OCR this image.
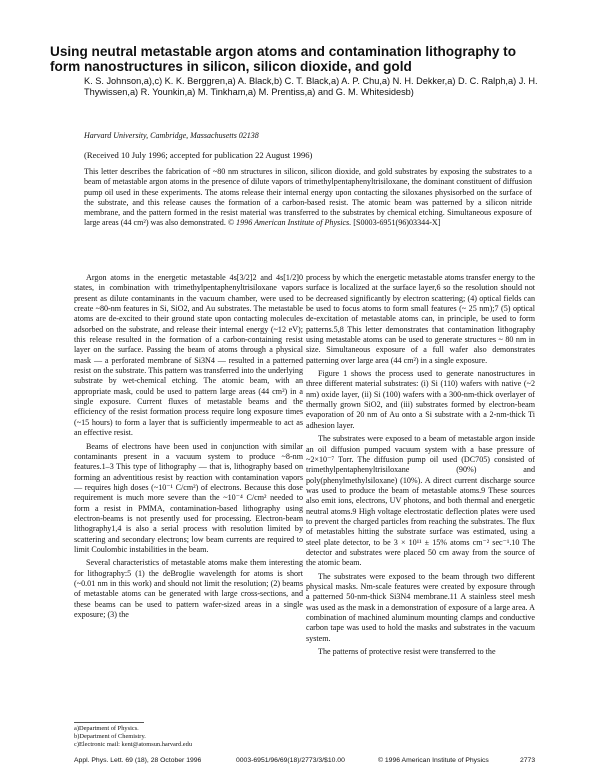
Using neutral metastable argon atoms and contamination lithography to form nanostructures in silicon, silicon dioxide, and gold
K. S. Johnson,a),c) K. K. Berggren,a) A. Black,b) C. T. Black,a) A. P. Chu,a) N. H. Dekker,a) D. C. Ralph,a) J. H. Thywissen,a) R. Younkin,a) M. Tinkham,a) M. Prentiss,a) and G. M. Whitesidesb)
Harvard University, Cambridge, Massachusetts 02138
(Received 10 July 1996; accepted for publication 22 August 1996)
This letter describes the fabrication of ~80 nm structures in silicon, silicon dioxide, and gold substrates by exposing the substrates to a beam of metastable argon atoms in the presence of dilute vapors of trimethylpentaphenyltrisiloxane, the dominant constituent of diffusion pump oil used in these experiments. The atoms release their internal energy upon contacting the siloxanes physisorbed on the surface of the substrate, and this release causes the formation of a carbon-based resist. The atomic beam was patterned by a silicon nitride membrane, and the pattern formed in the resist material was transferred to the substrates by chemical etching. Simultaneous exposure of large areas (44 cm²) was also demonstrated. © 1996 American Institute of Physics. [S0003-6951(96)03344-X]

Argon atoms in the energetic metastable 4s[3/2]2 and 4s[1/2]0 states, in combination with trimethylpentaphenyltrisiloxane vapors present as dilute contaminants in the vacuum chamber, were used to create ~80-nm features in Si, SiO2, and Au substrates. The metastable atoms are de-excited to their ground state upon contacting molecules adsorbed on the substrate, and release their internal energy (~12 eV); this release resulted in the formation of a carbon-containing resist layer on the surface. Passing the beam of atoms through a physical mask — a perforated membrane of Si3N4 — resulted in a patterned resist on the substrate. This pattern was transferred into the underlying substrate by wet-chemical etching. The atomic beam, with an appropriate mask, could be used to pattern large areas (44 cm²) in a single exposure. Current fluxes of metastable beams and the efficiency of the resist formation process require long exposure times (~15 hours) to form a layer that is sufficiently impermeable to act as an effective resist.

Beams of electrons have been used in conjunction with similar contaminants present in a vacuum system to produce ~8-nm features.1–3 This type of lithography — that is, lithography based on forming an adventitious resist by reaction with contamination vapors — requires high doses (~10⁻¹ C/cm²) of electrons. Because this dose requirement is much more severe than the ~10⁻⁴ C/cm² needed to form a resist in PMMA, contamination-based lithography using electron-beams is not presently used for processing. Electron-beam lithography1,4 is also a serial process with resolution limited by scattering and secondary electrons; low beam currents are required to limit Coulombic instabilities in the beam.

Several characteristics of metastable atoms make them interesting for lithography:5 (1) the deBroglie wavelength for atoms is short (~0.01 nm in this work) and should not limit the resolution; (2) beams of metastable atoms can be generated with large cross-sections, and these beams can be used to pattern wafer-sized areas in a single exposure; (3) the

process by which the energetic metastable atoms transfer energy to the surface is localized at the surface layer,6 so the resolution should not be decreased significantly by electron scattering; (4) optical fields can be used to focus atoms to form small features (~ 25 nm);7 (5) optical de-excitation of metastable atoms can, in principle, be used to form patterns.5,8 This letter demonstrates that contamination lithography using metastable atoms can be used to generate structures ~ 80 nm in size. Simultaneous exposure of a full wafer also demonstrates patterning over large area (44 cm²) in a single exposure.

Figure 1 shows the process used to generate nanostructures in three different material substrates: (i) Si (110) wafers with native (~2 nm) oxide layer, (ii) Si (100) wafers with a 300-nm-thick overlayer of thermally grown SiO2, and (iii) substrates formed by electron-beam evaporation of 20 nm of Au onto a Si substrate with a 2-nm-thick Ti adhesion layer.

The substrates were exposed to a beam of metastable argon inside an oil diffusion pumped vacuum system with a base pressure of ~2×10⁻⁷ Torr. The diffusion pump oil used (DC705) consisted of trimethylpentaphenyltrisiloxane (90%) and poly(phenylmethylsiloxane) (10%). A direct current discharge source was used to produce the beam of metastable atoms.9 These sources also emit ions, electrons, UV photons, and both thermal and energetic neutral atoms.9 High voltage electrostatic deflection plates were used to prevent the charged particles from reaching the substrates. The flux of metastables hitting the substrate surface was estimated, using a steel plate detector, to be 3 × 10¹¹ ± 15% atoms cm⁻² sec⁻¹.10 The detector and substrates were placed 50 cm away from the source of the atomic beam.

The substrates were exposed to the beam through two different physical masks. Nm-scale features were created by exposure through a patterned 50-nm-thick Si3N4 membrane.11 A stainless steel mesh was used as the mask in a demonstration of exposure of a large area. A combination of machined aluminum mounting clamps and conductive carbon tape was used to hold the masks and substrates in the vacuum system.

The patterns of protective resist were transferred to the

a)Department of Physics.
b)Department of Chemistry.
c)Electronic mail: kent@atomsun.harvard.edu
Appl. Phys. Lett. 69 (18), 28 October 1996	0003-6951/96/69(18)/2773/3/$10.00	© 1996 American Institute of Physics	2773
